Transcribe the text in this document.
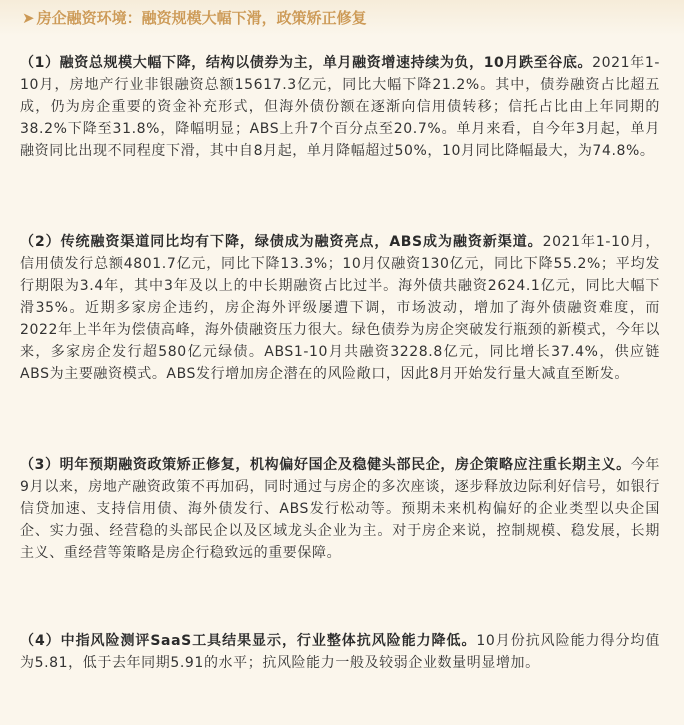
➤ 房企融资环境：融资规模大幅下滑，政策矫正修复

（1）融资总规模大幅下降，结构以债券为主，单月融资增速持续为负，10月跌至谷底。2021年1-10月，房地产行业非银融资总额15617.3亿元，同比大幅下降21.2%。其中，债券融资占比超五成，仍为房企重要的资金补充形式，但海外债份额在逐渐向信用债转移；信托占比由上年同期的38.2%下降至31.8%，降幅明显；ABS上升7个百分点至20.7%。单月来看，自今年3月起，单月融资同比出现不同程度下滑，其中自8月起，单月降幅超过50%，10月同比降幅最大，为74.8%。

（2）传统融资渠道同比均有下降，绿债成为融资亮点，ABS成为融资新渠道。2021年1-10月，信用债发行总额4801.7亿元，同比下降13.3%；10月仅融资130亿元，同比下降55.2%；平均发行期限为3.4年，其中3年及以上的中长期融资占比过半。海外债共融资2624.1亿元，同比大幅下滑35%。近期多家房企违约，房企海外评级屡遭下调，市场波动，增加了海外债融资难度，而2022年上半年为偿债高峰，海外债融资压力很大。绿色债券为房企突破发行瓶颈的新模式，今年以来，多家房企发行超580亿元绿债。ABS1-10月共融资3228.8亿元，同比增长37.4%，供应链ABS为主要融资模式。ABS发行增加房企潜在的风险敞口，因此8月开始发行量大减直至断发。

（3）明年预期融资政策矫正修复，机构偏好国企及稳健头部民企，房企策略应注重长期主义。今年9月以来，房地产融资政策不再加码，同时通过与房企的多次座谈，逐步释放边际利好信号，如银行信贷加速、支持信用债、海外债发行、ABS发行松动等。预期未来机构偏好的企业类型以央企国企、实力强、经营稳的头部民企以及区域龙头企业为主。对于房企来说，控制规模、稳发展，长期主义、重经营等策略是房企行稳致远的重要保障。

（4）中指风险测评SaaS工具结果显示，行业整体抗风险能力降低。10月份抗风险能力得分均值为5.81，低于去年同期5.91的水平；抗风险能力一般及较弱企业数量明显增加。
